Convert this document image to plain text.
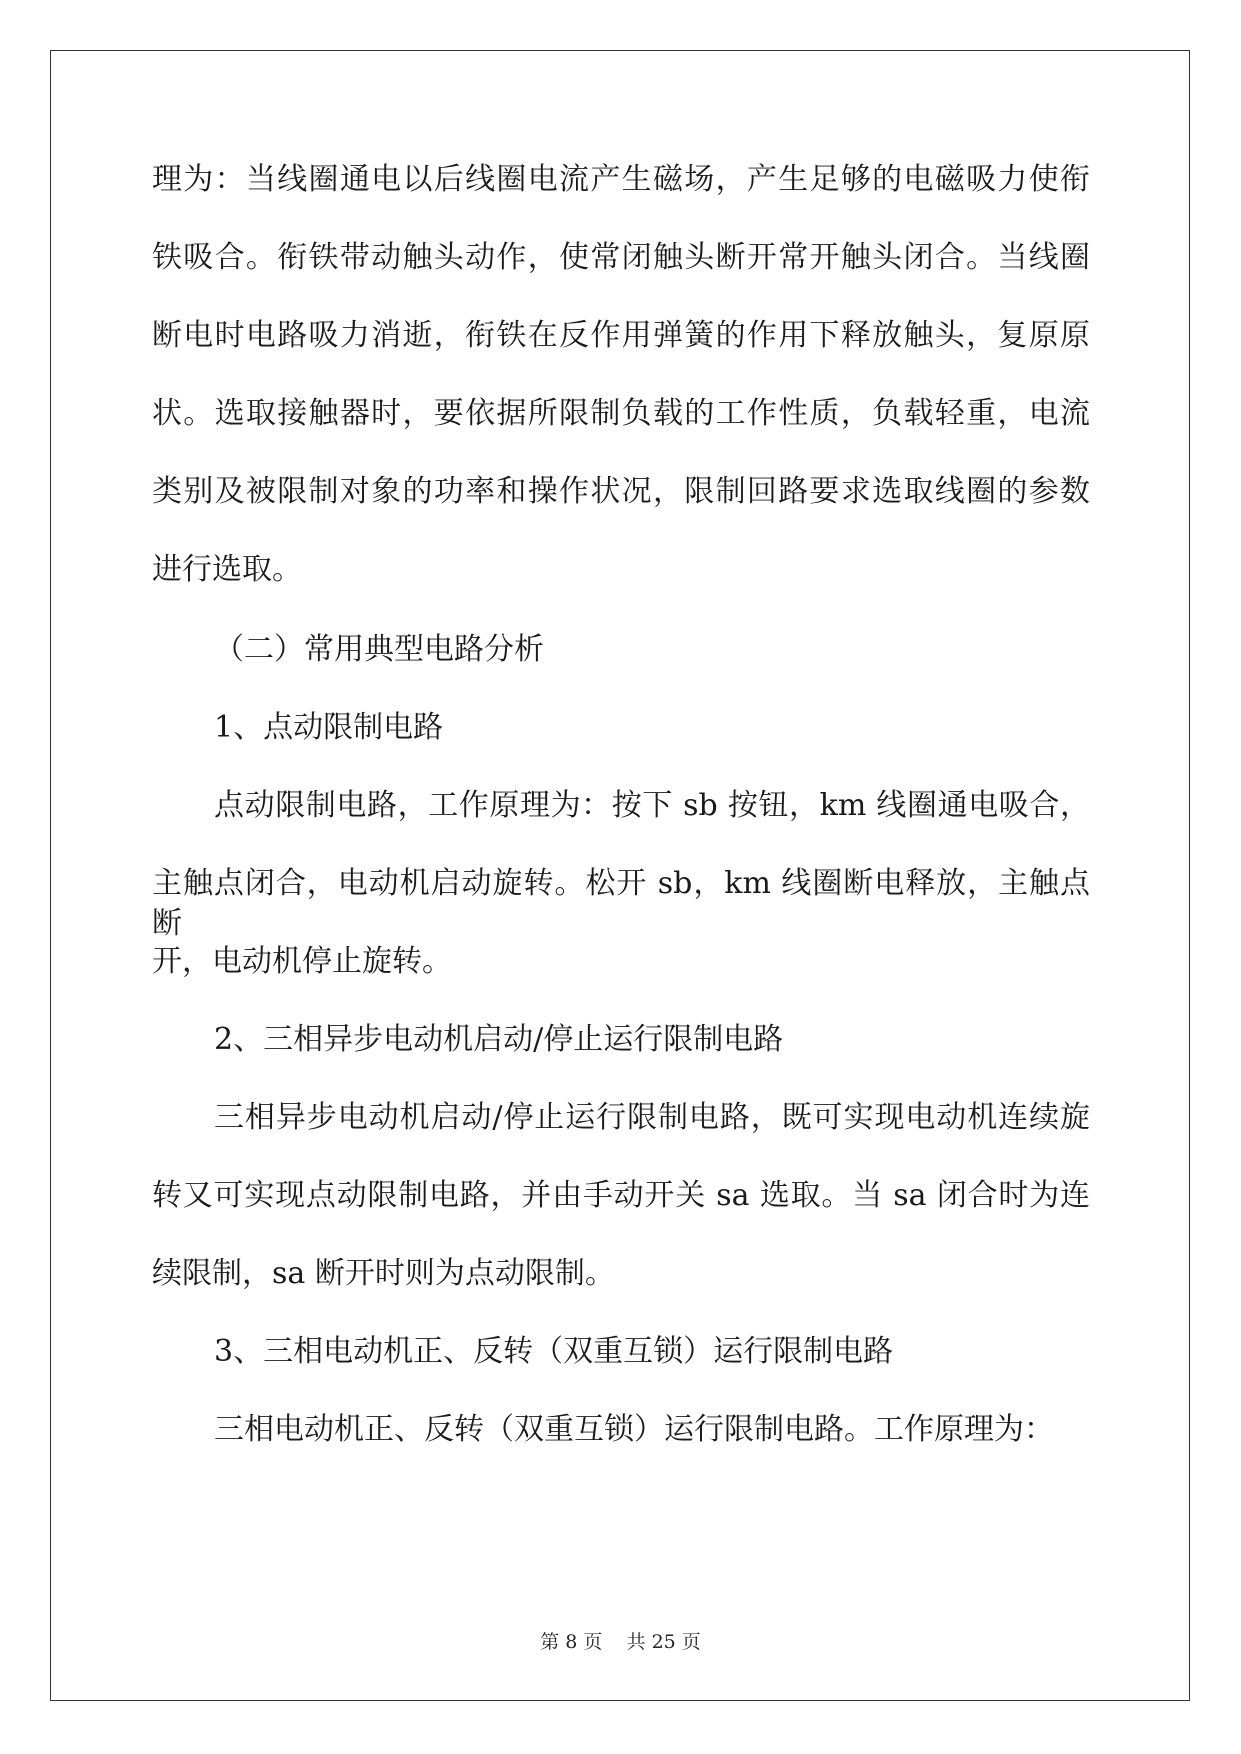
理为：当线圈通电以后线圈电流产生磁场，产生足够的电磁吸力使衔
铁吸合。衔铁带动触头动作，使常闭触头断开常开触头闭合。当线圈
断电时电路吸力消逝，衔铁在反作用弹簧的作用下释放触头，复原原
状。选取接触器时，要依据所限制负载的工作性质，负载轻重，电流
类别及被限制对象的功率和操作状况，限制回路要求选取线圈的参数
进行选取。
（二）常用典型电路分析
1、点动限制电路
点动限制电路，工作原理为：按下 sb 按钮，km 线圈通电吸合，
主触点闭合，电动机启动旋转。松开 sb，km 线圈断电释放，主触点断
开，电动机停止旋转。
2、三相异步电动机启动/停止运行限制电路
三相异步电动机启动/停止运行限制电路，既可实现电动机连续旋
转又可实现点动限制电路，并由手动开关 sa 选取。当 sa 闭合时为连
续限制，sa 断开时则为点动限制。
3、三相电动机正、反转（双重互锁）运行限制电路
三相电动机正、反转（双重互锁）运行限制电路。工作原理为：
第 8 页 共 25 页
